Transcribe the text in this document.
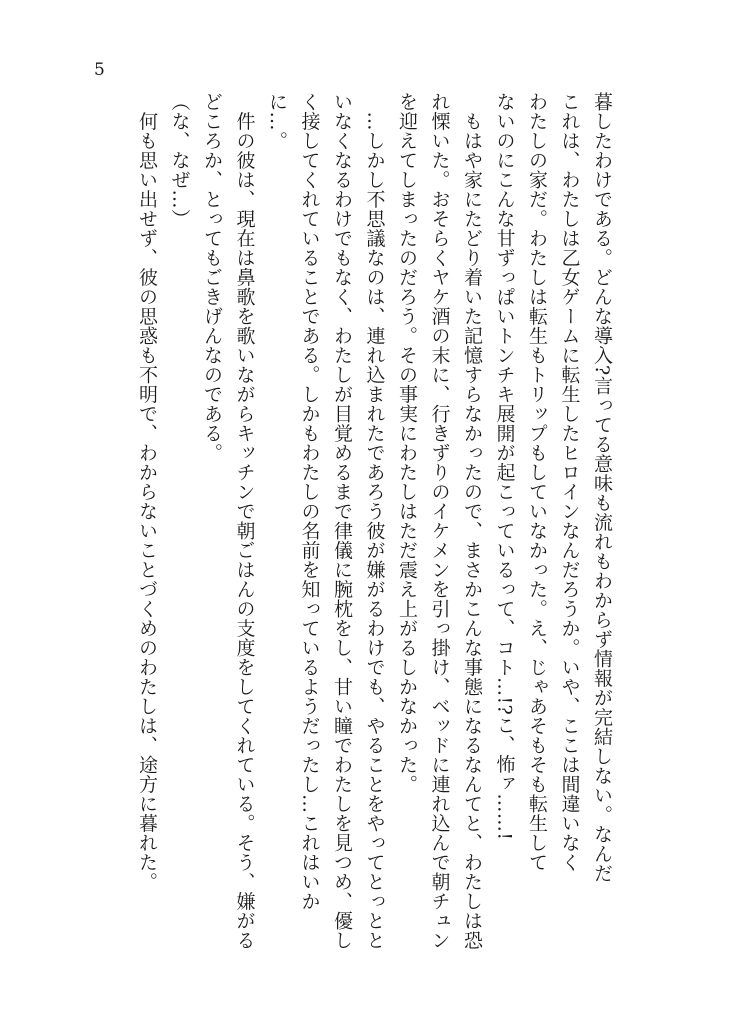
5

暮したわけである。どんな導入?言ってる意味も流れもわからず情報が完結しない。なんだ

これは、わたしは乙女ゲームに転生したヒロインなんだろうか。いや、ここは間違いなく

わたしの家だ。わたしは転生もトリップもしていなかった。え、じゃあそもそも転生して

ないのにこんな甘ずっぱいトンチキ展開が起こっているって、コト…!?こ、怖ァ……!

　もはや家にたどり着いた記憶すらなかったので、まさかこんな事態になるなんてと、わたしは恐れ慄いた。おそらくヤケ酒の末に、行きずりのイケメンを引っ掛け、ベッドに連れ込んで朝チュンを迎えてしまったのだろう。その事実にわたしはただ震え上がるしかなかった。

　…しかし不思議なのは、連れ込まれたであろう彼が嫌がるわけでも、やることをやってとっとといなくなるわけでもなく、わたしが目覚めるまで律儀に腕枕をし、甘い瞳でわたしを見つめ、優しく接してくれていることである。しかもわたしの名前を知っているようだったし…これはいかに…。

　件の彼は、現在は鼻歌を歌いながらキッチンで朝ごはんの支度をしてくれている。そう、嫌がるどころか、とってもごきげんなのである。

（な、なぜ…）

　何も思い出せず、彼の思惑も不明で、わからないことづくめのわたしは、途方に暮れた。
